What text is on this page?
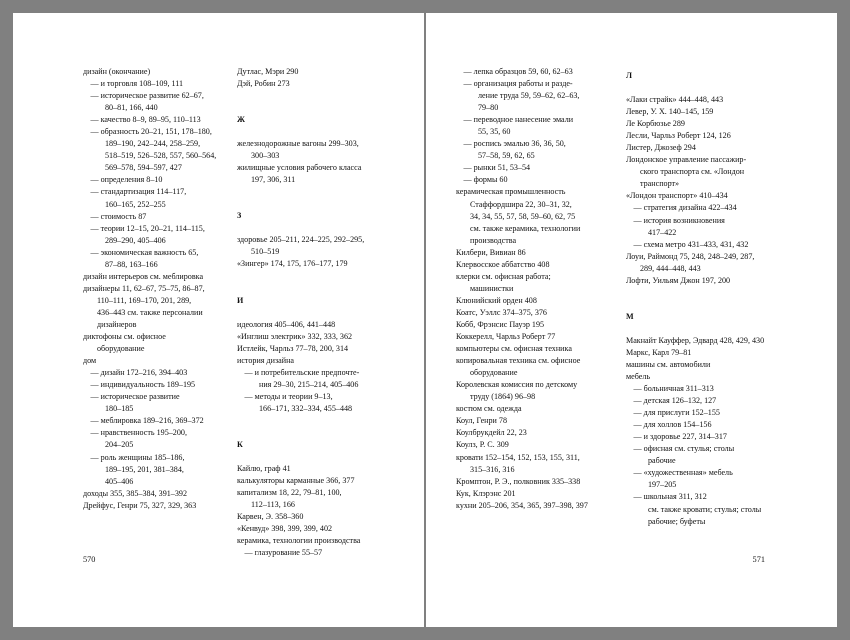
дизайн (окончание)
— и торговля 108–109, 111
— историческое развитие 62–67,
80–81, 166, 440
— качество 8–9, 89–95, 110–113
— образность 20–21, 151, 178–180,
189–190, 242–244, 258–259,
518–519, 526–528, 557, 560–564,
569–578, 594–597, 427
— определения 8–10
— стандартизация 114–117,
160–165, 252–255
— стоимость 87
— теории 12–15, 20–21, 114–115,
289–290, 405–406
— экономическая важность 65,
87–88, 163–166
дизайн интерьеров см. меблировка
дизайнеры 11, 62–67, 75–75, 86–87,
110–111, 169–170, 201, 289,
436–443 см. также персоналии
дизайнеров
диктофоны см. офисное
оборудование
дом
— дизайн 172–216, 394–403
— индивидуальность 189–195
— историческое развитие
180–185
— меблировка 189–216, 369–372
— нравственность 195–200,
204–205
— роль женщины 185–186,
189–195, 201, 381–384,
405–406
доходы 355, 385–384, 391–392
Дрейфус, Генри 75, 327, 329, 363
Дутлас, Мэри 290
Дэй, Робин 273
Ж
железнодорожные вагоны 299–303,
300–303
жилищные условия рабочего класса
197, 306, 311
З
здоровье 205–211, 224–225, 292–295,
510–519
«Зингер» 174, 175, 176–177, 179
И
идеология 405–406, 441–448
«Инглиш электрик» 332, 333, 362
Истлейк, Чарльз 77–78, 200, 314
история дизайна
— и потребительские предпочте-
ния 29–30, 215–214, 405–406
— методы и теории 9–13,
166–171, 332–334, 455–448
К
Кайлю, граф 41
калькуляторы карманные 366, 377
капитализм 18, 22, 79–81, 100,
112–113, 166
Карвен, Э. 358–360
«Кенвуд» 398, 399, 399, 402
керамика, технологии производства
— глазурование 55–57
570
— лепка образцов 59, 60, 62–63
— организация работы и разде-
ление труда 59, 59–62, 62–63,
79–80
— переводное нанесение эмали
55, 35, 60
— роспись эмалью 36, 36, 50,
57–58, 59, 62, 65
— рынки 51, 53–54
— формы 60
керамическая промышленность
Стаффордшира 22, 30–31, 32,
34, 34, 55, 57, 58, 59–60, 62, 75
см. также керамика, технологии
производства
Килбери, Вивиан 86
Клервосское аббатство 408
клерки см. офисная работа;
машинистки
Клюнийский орден 408
Коатс, Уэллс 374–375, 376
Кобб, Фрэнсис Пауэр 195
Коккерелл, Чарльз Роберт 77
компьютеры см. офисная техника
копировальная техника см. офисное
оборудование
Королевская комиссия по детскому
труду (1864) 96–98
костюм см. одежда
Коул, Генри 78
Коулбрукдейл 22, 23
Коулз, Р. С. 309
кровати 152–154, 152, 153, 155, 311,
315–316, 316
Кромптон, Р. Э., полковник 335–338
Кук, Клэрэнс 201
кухни 205–206, 354, 365, 397–398, 397
Л
«Лаки страйк» 444–448, 443
Левер, У. Х. 140–145, 159
Ле Корбюзье 289
Лесли, Чарльз Роберт 124, 126
Листер, Джозеф 294
Лондонское управление пассажир-
ского транспорта см. «Лондон
транспорт»
«Лондон транспорт» 410–434
— стратегия дизайна 422–434
— история возникновения
417–422
— схема метро 431–433, 431, 432
Лоуи, Раймонд 75, 248, 248–249, 287,
289, 444–448, 443
Лофти, Уильям Джон 197, 200
М
Макнайт Кауффер, Эдвард 428, 429, 430
Маркс, Карл 79–81
машины см. автомобили
мебель
— больничная 311–313
— детская 126–132, 127
— для прислуги 152–155
— для холлов 154–156
— и здоровье 227, 314–317
— офисная см. стулья; столы
рабочие
— «художественная» мебель
197–205
— школьная 311, 312
см. также кровати; стулья; столы
рабочие; буфеты
571
